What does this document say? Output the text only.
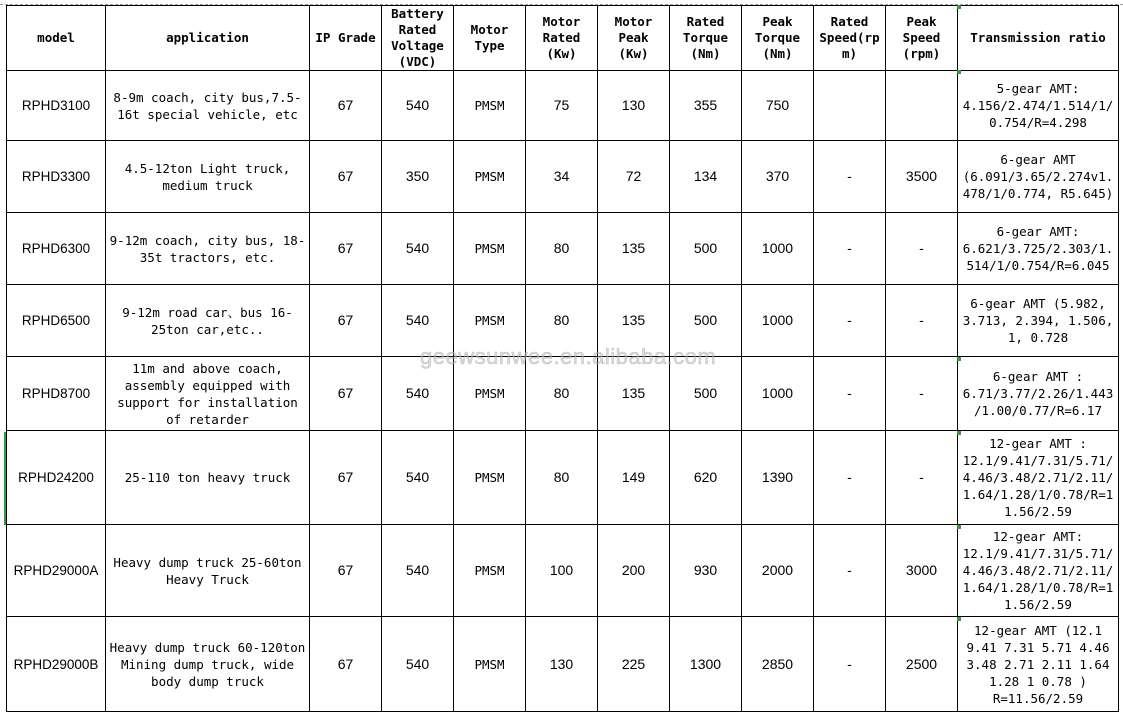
model	application	IP Grade	Battery Rated Voltage (VDC)	Motor Type	Motor Rated (Kw)	Motor Peak (Kw)	Rated Torque (Nm)	Peak Torque (Nm)	Rated Speed(rpm)	Peak Speed (rpm)	Transmission ratio
RPHD3100	8-9m coach, city bus,7.5-16t special vehicle, etc	67	540	PMSM	75	130	355	750			5-gear AMT: 4.156/2.474/1.514/1/0.754/R=4.298
RPHD3300	4.5-12ton Light truck, medium truck	67	350	PMSM	34	72	134	370	-	3500	6-gear AMT (6.091/3.65/2.274v1.478/1/0.774, R5.645)
RPHD6300	9-12m coach, city bus, 18-35t tractors, etc.	67	540	PMSM	80	135	500	1000	-	-	6-gear AMT: 6.621/3.725/2.303/1.514/1/0.754/R=6.045
RPHD6500	9-12m road car、bus 16-25ton car,etc..	67	540	PMSM	80	135	500	1000	-	-	6-gear AMT (5.982, 3.713, 2.394, 1.506, 1, 0.728
RPHD8700	11m and above coach, assembly equipped with support for installation of retarder	67	540	PMSM	80	135	500	1000	-	-	6-gear AMT : 6.71/3.77/2.26/1.443/1.00/0.77/R=6.17
RPHD24200	25-110 ton heavy truck	67	540	PMSM	80	149	620	1390	-	-	12-gear AMT : 12.1/9.41/7.31/5.71/4.46/3.48/2.71/2.11/1.64/1.28/1/0.78/R=11.56/2.59
RPHD29000A	Heavy dump truck 25-60ton Heavy Truck	67	540	PMSM	100	200	930	2000	-	3000	12-gear AMT: 12.1/9.41/7.31/5.71/4.46/3.48/2.71/2.11/1.64/1.28/1/0.78/R=11.56/2.59
RPHD29000B	Heavy dump truck 60-120ton Mining dump truck, wide body dump truck	67	540	PMSM	130	225	1300	2850	-	2500	12-gear AMT (12.1 9.41 7.31 5.71 4.46 3.48 2.71 2.11 1.64 1.28 1 0.78 ) R=11.56/2.59
geewsunwee.en.alibaba.com
